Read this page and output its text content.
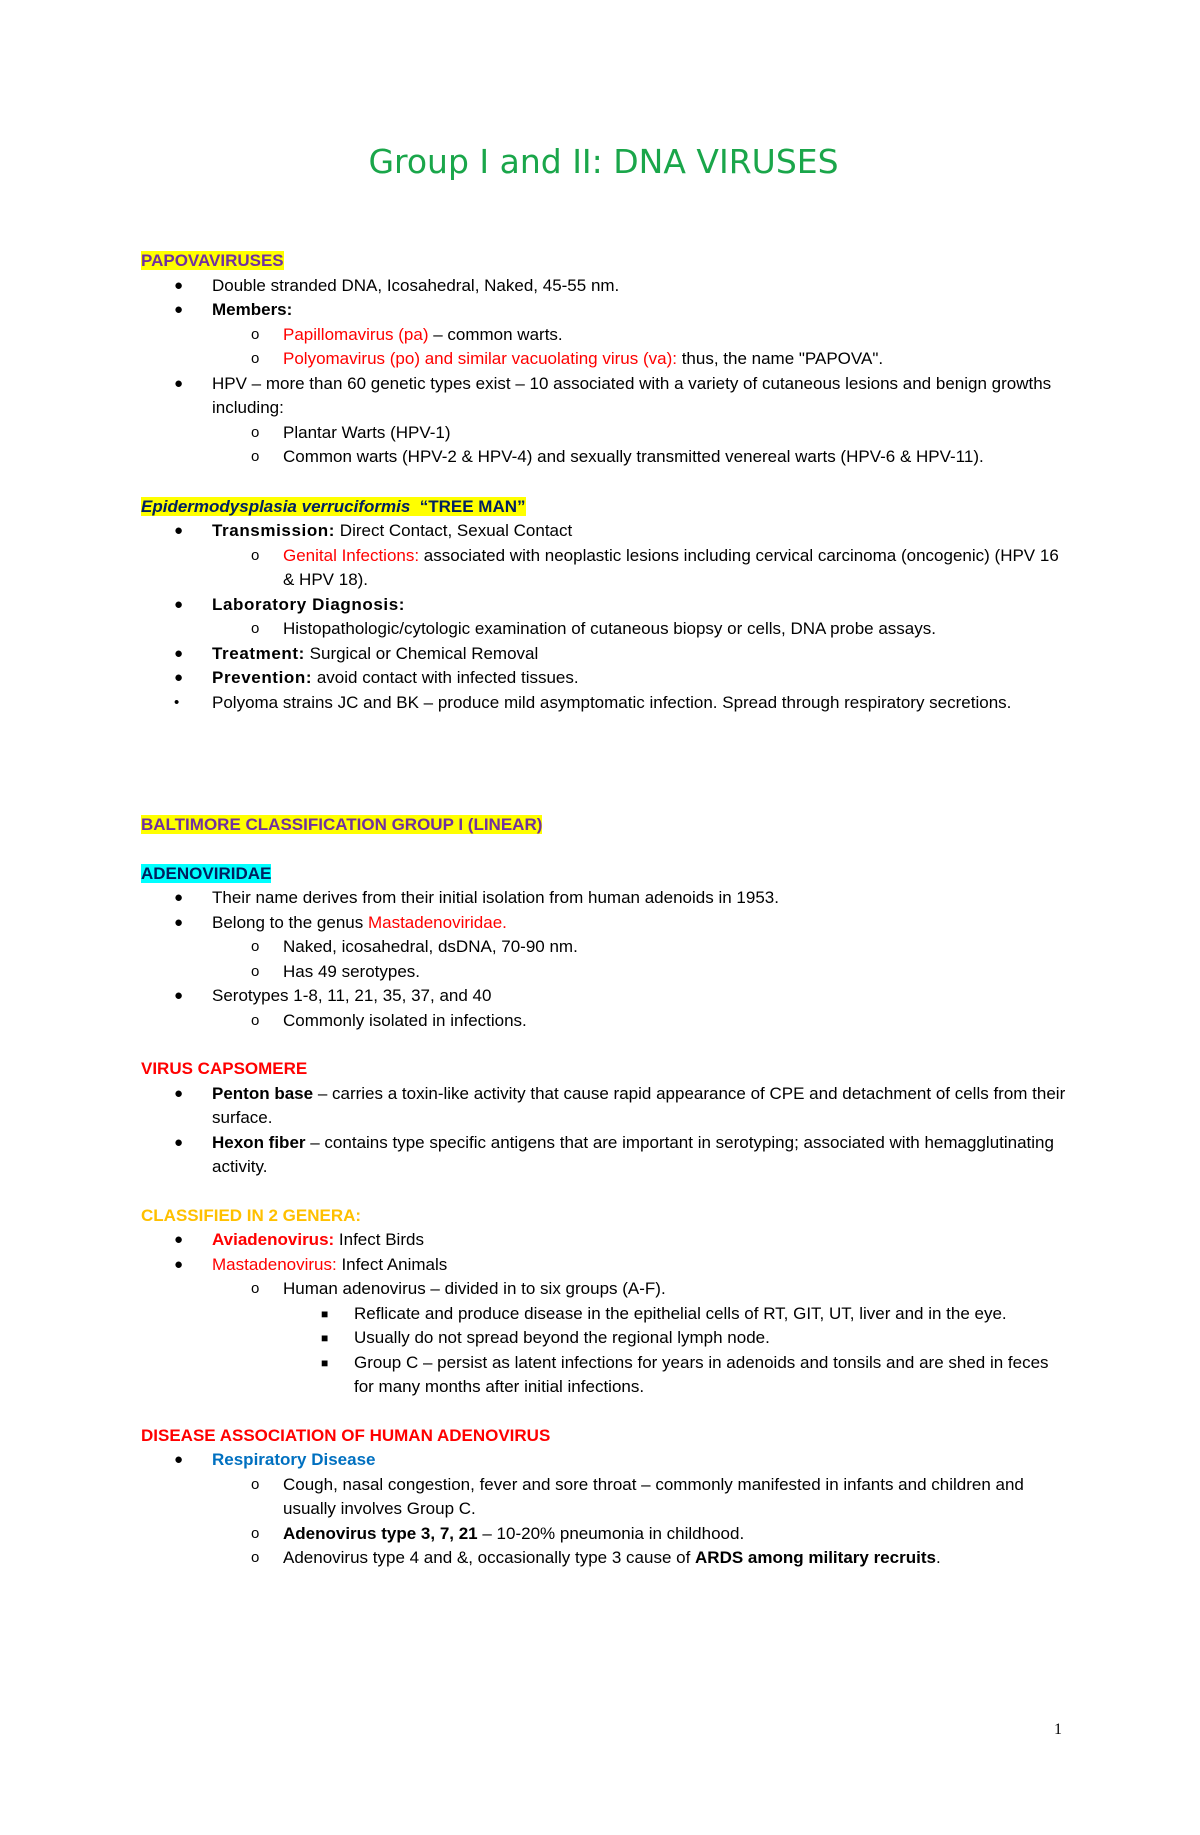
Group I and II: DNA VIRUSES

PAPOVAVIRUSES

● Double stranded DNA, Icosahedral, Naked, 45-55 nm.
● Members:
o Papillomavirus (pa) – common warts.
o Polyomavirus (po) and similar vacuolating virus (va): thus, the name "PAPOVA".
● HPV – more than 60 genetic types exist – 10 associated with a variety of cutaneous lesions and benign growths including:
o Plantar Warts (HPV-1)
o Common warts (HPV-2 & HPV-4) and sexually transmitted venereal warts (HPV-6 & HPV-11).

Epidermodysplasia verruciformis  “TREE MAN”

● Transmission: Direct Contact, Sexual Contact
o Genital Infections: associated with neoplastic lesions including cervical carcinoma (oncogenic) (HPV 16 & HPV 18).
● Laboratory Diagnosis:
o Histopathologic/cytologic examination of cutaneous biopsy or cells, DNA probe assays.
● Treatment: Surgical or Chemical Removal
● Prevention: avoid contact with infected tissues.
• Polyoma strains JC and BK – produce mild asymptomatic infection. Spread through respiratory secretions.

BALTIMORE CLASSIFICATION GROUP I (LINEAR)

ADENOVIRIDAE

● Their name derives from their initial isolation from human adenoids in 1953.
● Belong to the genus Mastadenoviridae.
o Naked, icosahedral, dsDNA, 70-90 nm.
o Has 49 serotypes.
● Serotypes 1-8, 11, 21, 35, 37, and 40
o Commonly isolated in infections.

VIRUS CAPSOMERE

● Penton base – carries a toxin-like activity that cause rapid appearance of CPE and detachment of cells from their surface.
● Hexon fiber – contains type specific antigens that are important in serotyping; associated with hemagglutinating activity.

CLASSIFIED IN 2 GENERA:

● Aviadenovirus: Infect Birds
● Mastadenovirus: Infect Animals
o Human adenovirus – divided in to six groups (A-F).
■ Reflicate and produce disease in the epithelial cells of RT, GIT, UT, liver and in the eye.
■ Usually do not spread beyond the regional lymph node.
■ Group C – persist as latent infections for years in adenoids and tonsils and are shed in feces for many months after initial infections.

DISEASE ASSOCIATION OF HUMAN ADENOVIRUS

● Respiratory Disease
o Cough, nasal congestion, fever and sore throat – commonly manifested in infants and children and usually involves Group C.
o Adenovirus type 3, 7, 21 – 10-20% pneumonia in childhood.
o Adenovirus type 4 and &, occasionally type 3 cause of ARDS among military recruits.
1
